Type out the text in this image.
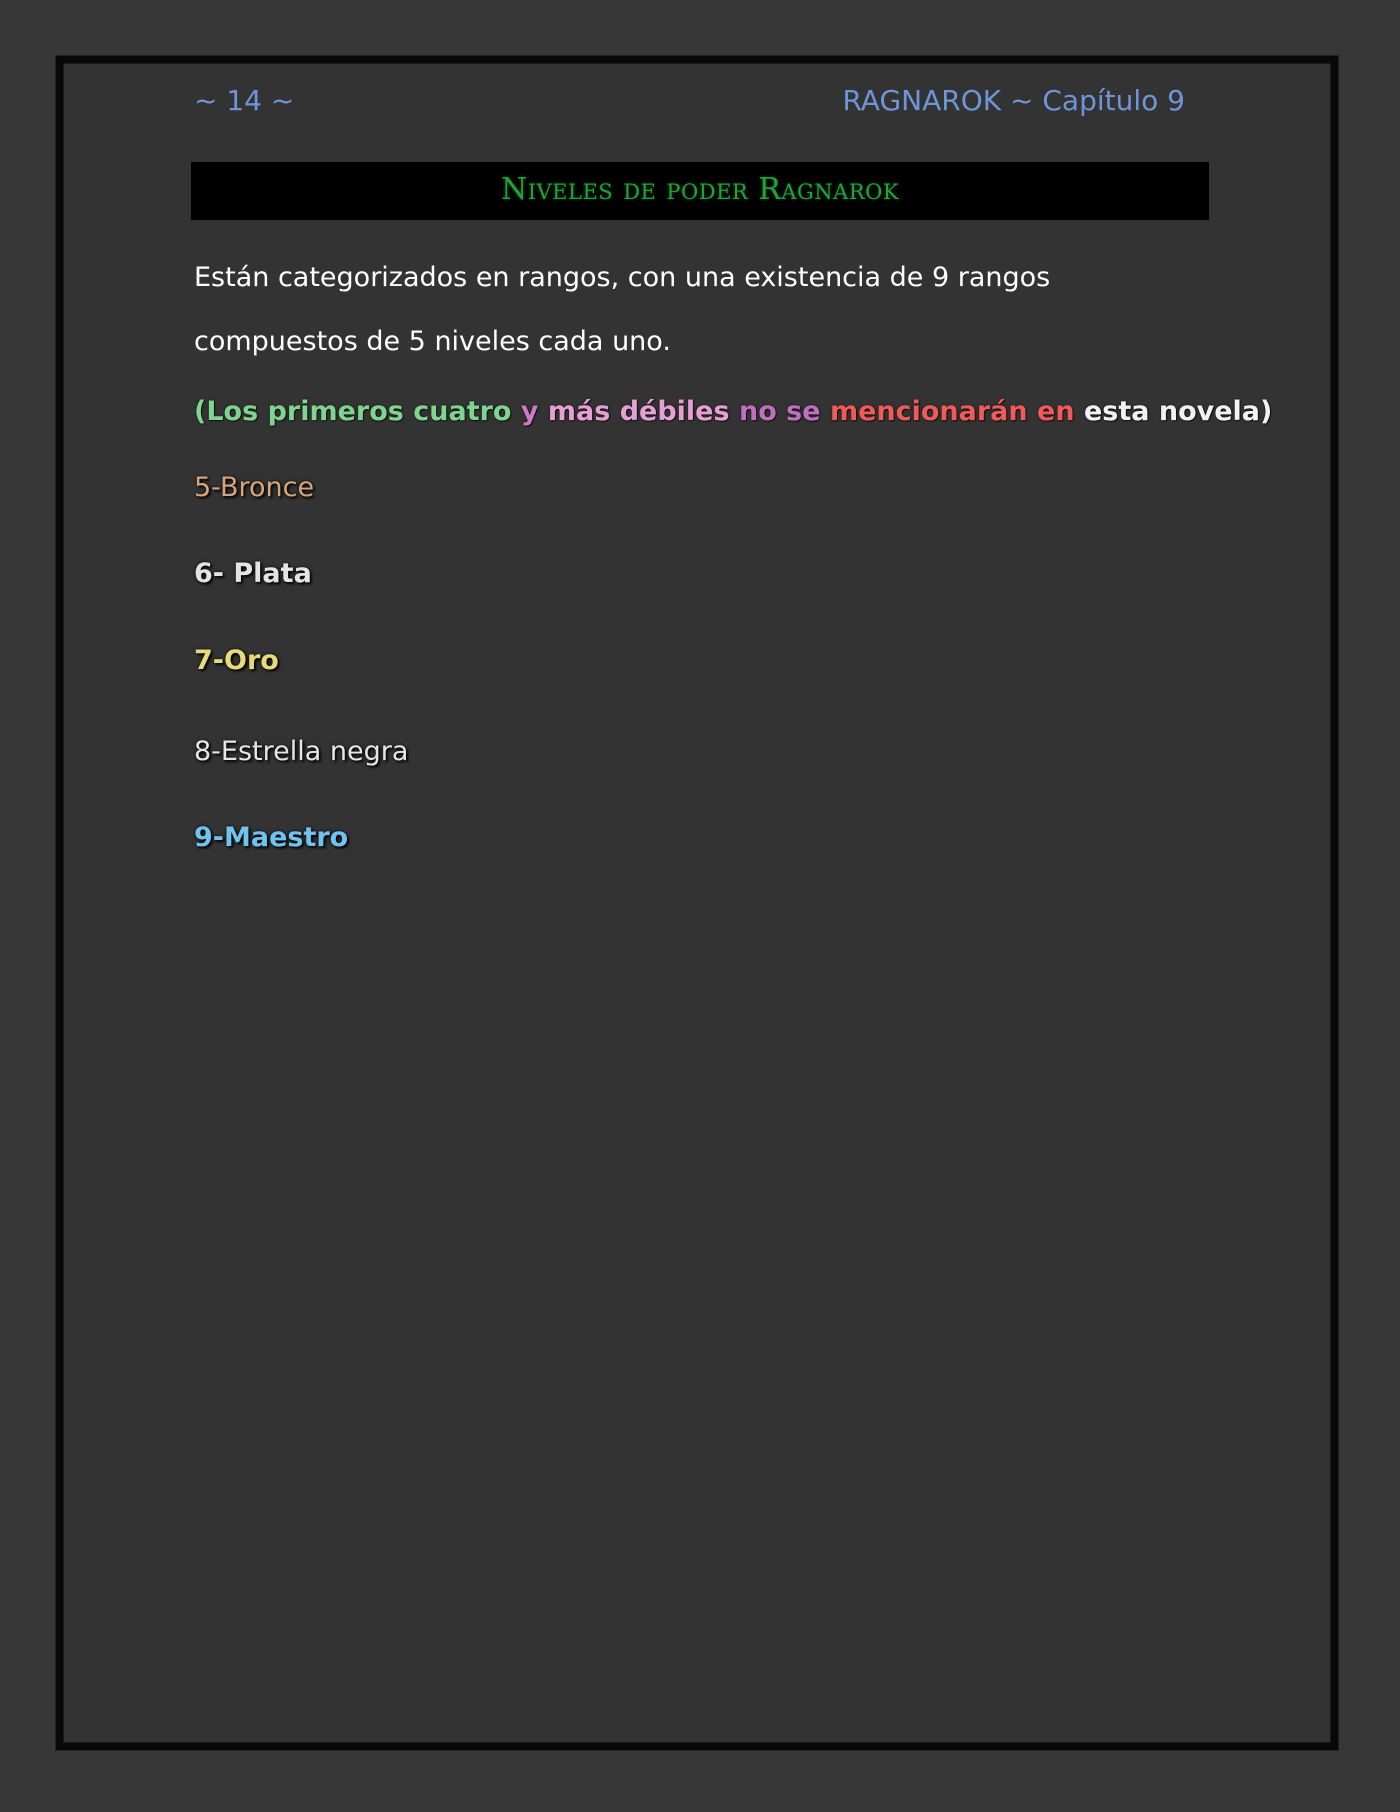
~ 14 ~	RAGNAROK ~ Capítulo 9
Niveles de poder Ragnarok
Están categorizados en rangos, con una existencia de 9 rangos compuestos de 5 niveles cada uno.
(Los primeros cuatro y más débiles no se mencionarán en esta novela)
5-Bronce
6- Plata
7-Oro
8-Estrella negra
9-Maestro
